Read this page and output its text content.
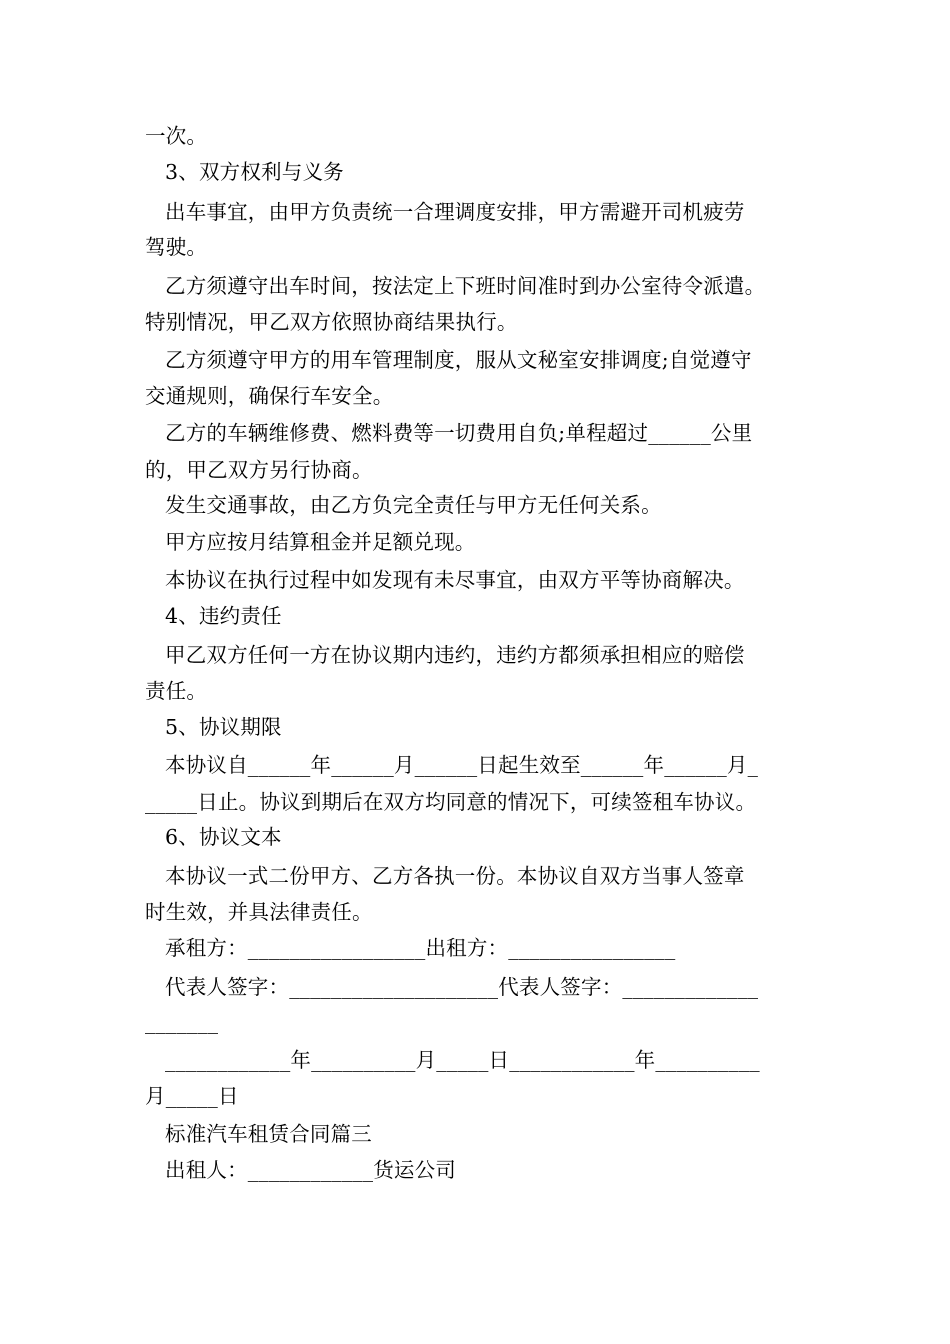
一次。
3、双方权利与义务
出车事宜，由甲方负责统一合理调度安排，甲方需避开司机疲劳
驾驶。
乙方须遵守出车时间，按法定上下班时间准时到办公室待令派遣。
特别情况，甲乙双方依照协商结果执行。
乙方须遵守甲方的用车管理制度，服从文秘室安排调度;自觉遵守
交通规则，确保行车安全。
乙方的车辆维修费、燃料费等一切费用自负;单程超过______公里
的，甲乙双方另行协商。
发生交通事故，由乙方负完全责任与甲方无任何关系。
甲方应按月结算租金并足额兑现。
本协议在执行过程中如发现有未尽事宜，由双方平等协商解决。
4、违约责任
甲乙双方任何一方在协议期内违约，违约方都须承担相应的赔偿
责任。
5、协议期限
本协议自______年______月______日起生效至______年______月_
_____日止。协议到期后在双方均同意的情况下，可续签租车协议。
6、协议文本
本协议一式二份甲方、乙方各执一份。本协议自双方当事人签章
时生效，并具法律责任。
承租方：_________________出租方：________________
代表人签字：____________________代表人签字：_____________
_______
____________年__________月_____日____________年__________
月_____日
标准汽车租赁合同篇三
出租人：____________货运公司
